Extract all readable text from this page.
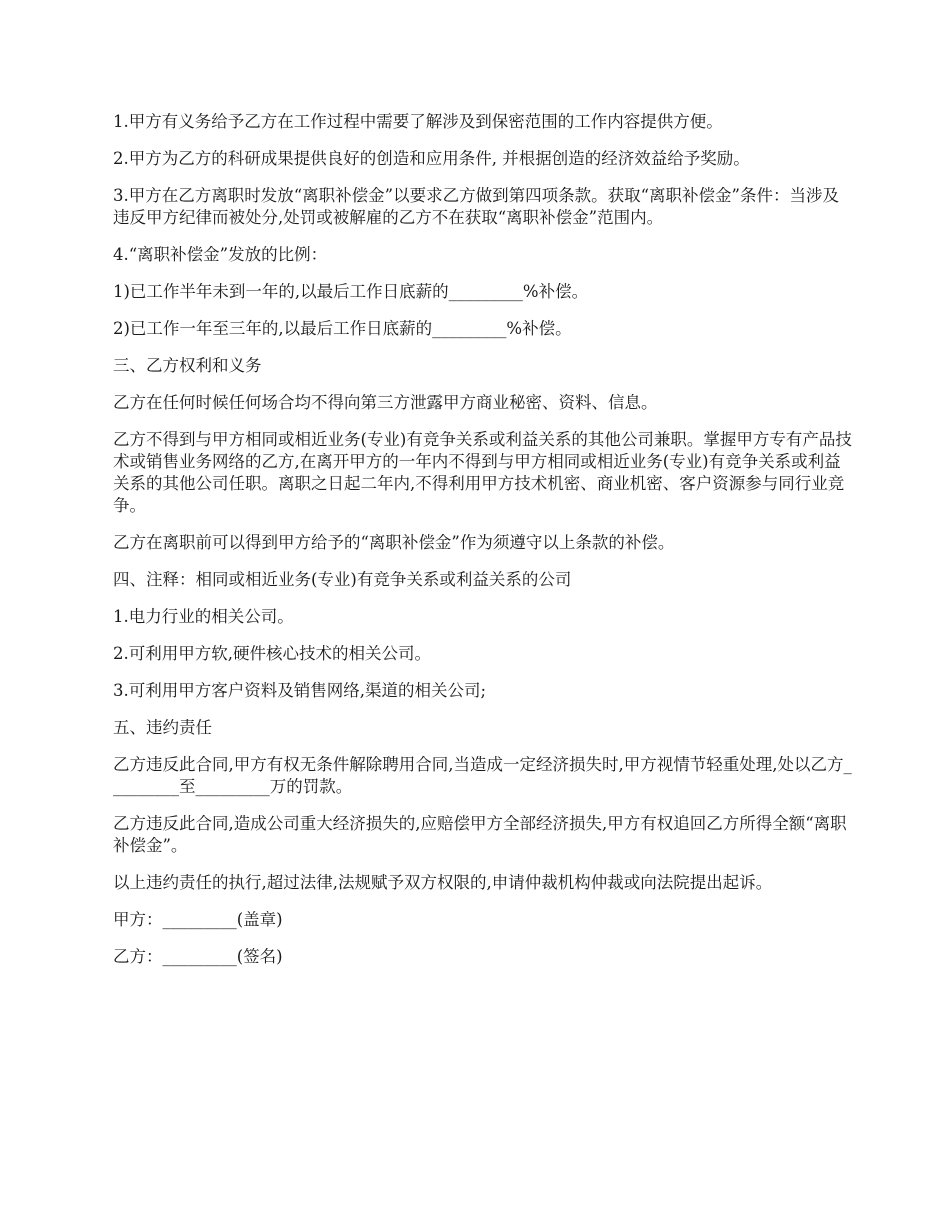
1.甲方有义务给予乙方在工作过程中需要了解涉及到保密范围的工作内容提供方便。

2.甲方为乙方的科研成果提供良好的创造和应用条件, 并根据创造的经济效益给予奖励。

3.甲方在乙方离职时发放“离职补偿金”以要求乙方做到第四项条款。获取“离职补偿金”条件：当涉及违反甲方纪律而被处分,处罚或被解雇的乙方不在获取“离职补偿金”范围内。

4.“离职补偿金”发放的比例：

1)已工作半年未到一年的,以最后工作日底薪的_________%补偿。

2)已工作一年至三年的,以最后工作日底薪的_________%补偿。

三、乙方权利和义务

乙方在任何时候任何场合均不得向第三方泄露甲方商业秘密、资料、信息。

乙方不得到与甲方相同或相近业务(专业)有竞争关系或利益关系的其他公司兼职。掌握甲方专有产品技术或销售业务网络的乙方,在离开甲方的一年内不得到与甲方相同或相近业务(专业)有竞争关系或利益关系的其他公司任职。离职之日起二年内,不得利用甲方技术机密、商业机密、客户资源参与同行业竞争。

乙方在离职前可以得到甲方给予的“离职补偿金”作为须遵守以上条款的补偿。

四、注释：相同或相近业务(专业)有竞争关系或利益关系的公司

1.电力行业的相关公司。

2.可利用甲方软,硬件核心技术的相关公司。

3.可利用甲方客户资料及销售网络,渠道的相关公司;

五、违约责任

乙方违反此合同,甲方有权无条件解除聘用合同,当造成一定经济损失时,甲方视情节轻重处理,处以乙方_________至_________万的罚款。

乙方违反此合同,造成公司重大经济损失的,应赔偿甲方全部经济损失,甲方有权追回乙方所得全额“离职补偿金”。

以上违约责任的执行,超过法律,法规赋予双方权限的,申请仲裁机构仲裁或向法院提出起诉。

甲方：_________(盖章)

乙方：_________(签名)
